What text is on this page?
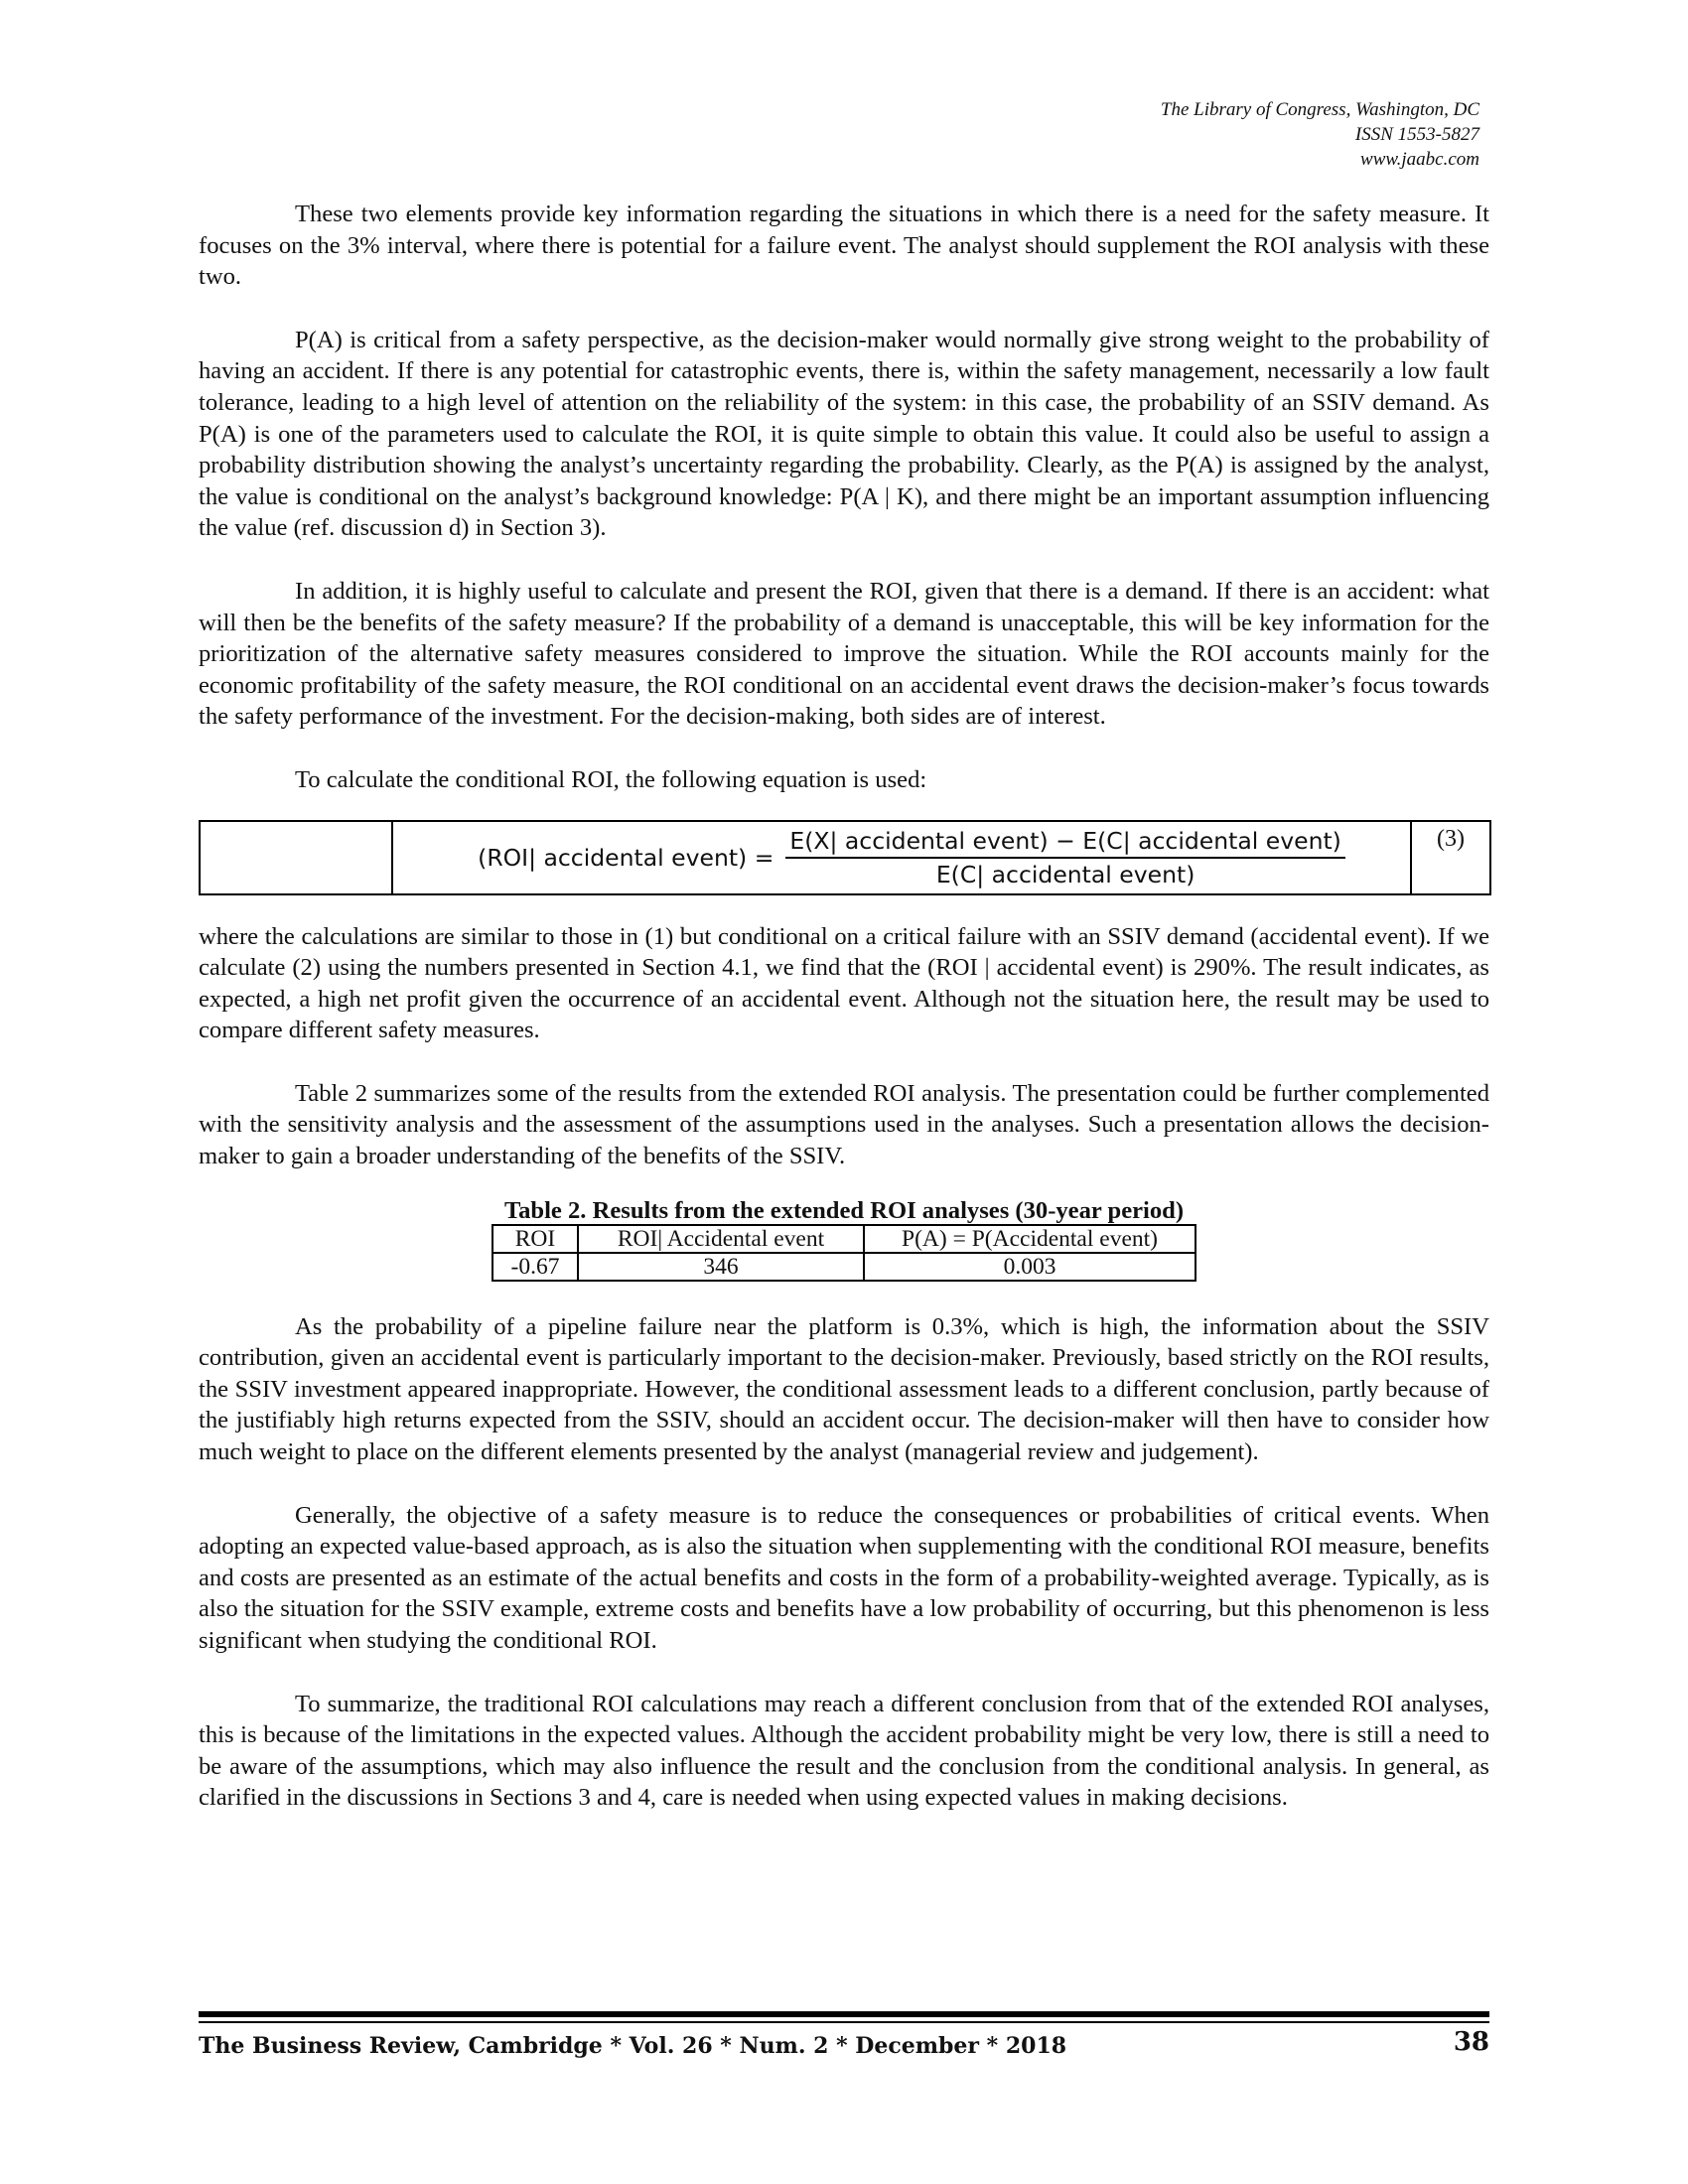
The Library of Congress, Washington, DC
ISSN 1553-5827
www.jaabc.com

These two elements provide key information regarding the situations in which there is a need for the safety measure. It focuses on the 3% interval, where there is potential for a failure event. The analyst should supplement the ROI analysis with these two.

P(A) is critical from a safety perspective, as the decision-maker would normally give strong weight to the probability of having an accident. If there is any potential for catastrophic events, there is, within the safety management, necessarily a low fault tolerance, leading to a high level of attention on the reliability of the system: in this case, the probability of an SSIV demand. As P(A) is one of the parameters used to calculate the ROI, it is quite simple to obtain this value. It could also be useful to assign a probability distribution showing the analyst’s uncertainty regarding the probability. Clearly, as the P(A) is assigned by the analyst, the value is conditional on the analyst’s background knowledge: P(A | K), and there might be an important assumption influencing the value (ref. discussion d) in Section 3).

In addition, it is highly useful to calculate and present the ROI, given that there is a demand. If there is an accident: what will then be the benefits of the safety measure? If the probability of a demand is unacceptable, this will be key information for the prioritization of the alternative safety measures considered to improve the situation. While the ROI accounts mainly for the economic profitability of the safety measure, the ROI conditional on an accidental event draws the decision-maker’s focus towards the safety performance of the investment. For the decision-making, both sides are of interest.

To calculate the conditional ROI, the following equation is used:

(ROI| accidental event) = $\frac{\text{E(X| accidental event) − E(C| accidental event)}}{\text{E(C| accidental event)}}$	(3)

where the calculations are similar to those in (1) but conditional on a critical failure with an SSIV demand (accidental event). If we calculate (2) using the numbers presented in Section 4.1, we find that the (ROI | accidental event) is 290%. The result indicates, as expected, a high net profit given the occurrence of an accidental event. Although not the situation here, the result may be used to compare different safety measures.

Table 2 summarizes some of the results from the extended ROI analysis. The presentation could be further complemented with the sensitivity analysis and the assessment of the assumptions used in the analyses. Such a presentation allows the decision-maker to gain a broader understanding of the benefits of the SSIV.

Table 2. Results from the extended ROI analyses (30-year period)

ROI	ROI| Accidental event	P(A) = P(Accidental event)
-0.67	346	0.003

As the probability of a pipeline failure near the platform is 0.3%, which is high, the information about the SSIV contribution, given an accidental event is particularly important to the decision-maker. Previously, based strictly on the ROI results, the SSIV investment appeared inappropriate. However, the conditional assessment leads to a different conclusion, partly because of the justifiably high returns expected from the SSIV, should an accident occur. The decision-maker will then have to consider how much weight to place on the different elements presented by the analyst (managerial review and judgement).

Generally, the objective of a safety measure is to reduce the consequences or probabilities of critical events. When adopting an expected value-based approach, as is also the situation when supplementing with the conditional ROI measure, benefits and costs are presented as an estimate of the actual benefits and costs in the form of a probability-weighted average. Typically, as is also the situation for the SSIV example, extreme costs and benefits have a low probability of occurring, but this phenomenon is less significant when studying the conditional ROI.

To summarize, the traditional ROI calculations may reach a different conclusion from that of the extended ROI analyses, this is because of the limitations in the expected values. Although the accident probability might be very low, there is still a need to be aware of the assumptions, which may also influence the result and the conclusion from the conditional analysis. In general, as clarified in the discussions in Sections 3 and 4, care is needed when using expected values in making decisions.

The Business Review, Cambridge * Vol. 26 * Num. 2 * December * 2018	38
